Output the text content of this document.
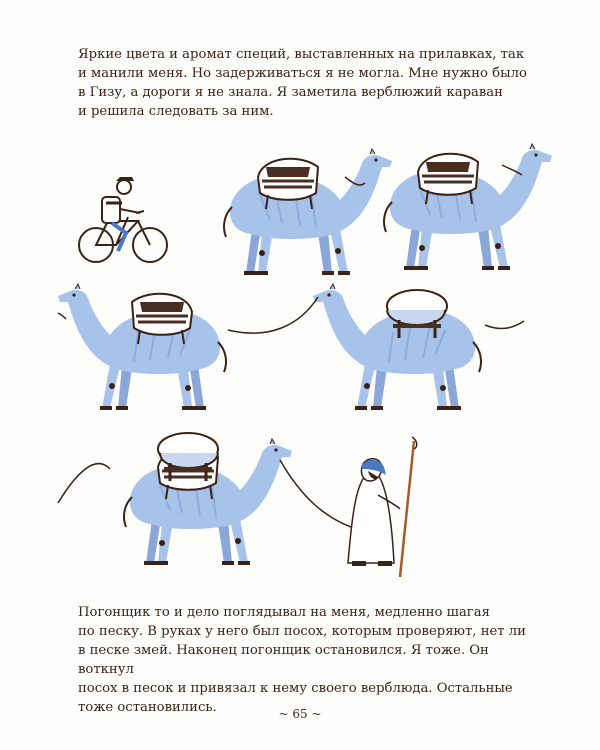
Яркие цвета и аромат специй, выставленных на прилавках, так
и манили меня. Но задерживаться я не могла. Мне нужно было
в Гизу, а дороги я не знала. Я заметила верблюжий караван
и решила следовать за ним.

Погонщик то и дело поглядывал на меня, медленно шагая
по песку. В руках у него был посох, которым проверяют, нет ли
в песке змей. Наконец погонщик остановился. Я тоже. Он воткнул
посох в песок и привязал к нему своего верблюда. Остальные
тоже остановились.	~ 65 ~
